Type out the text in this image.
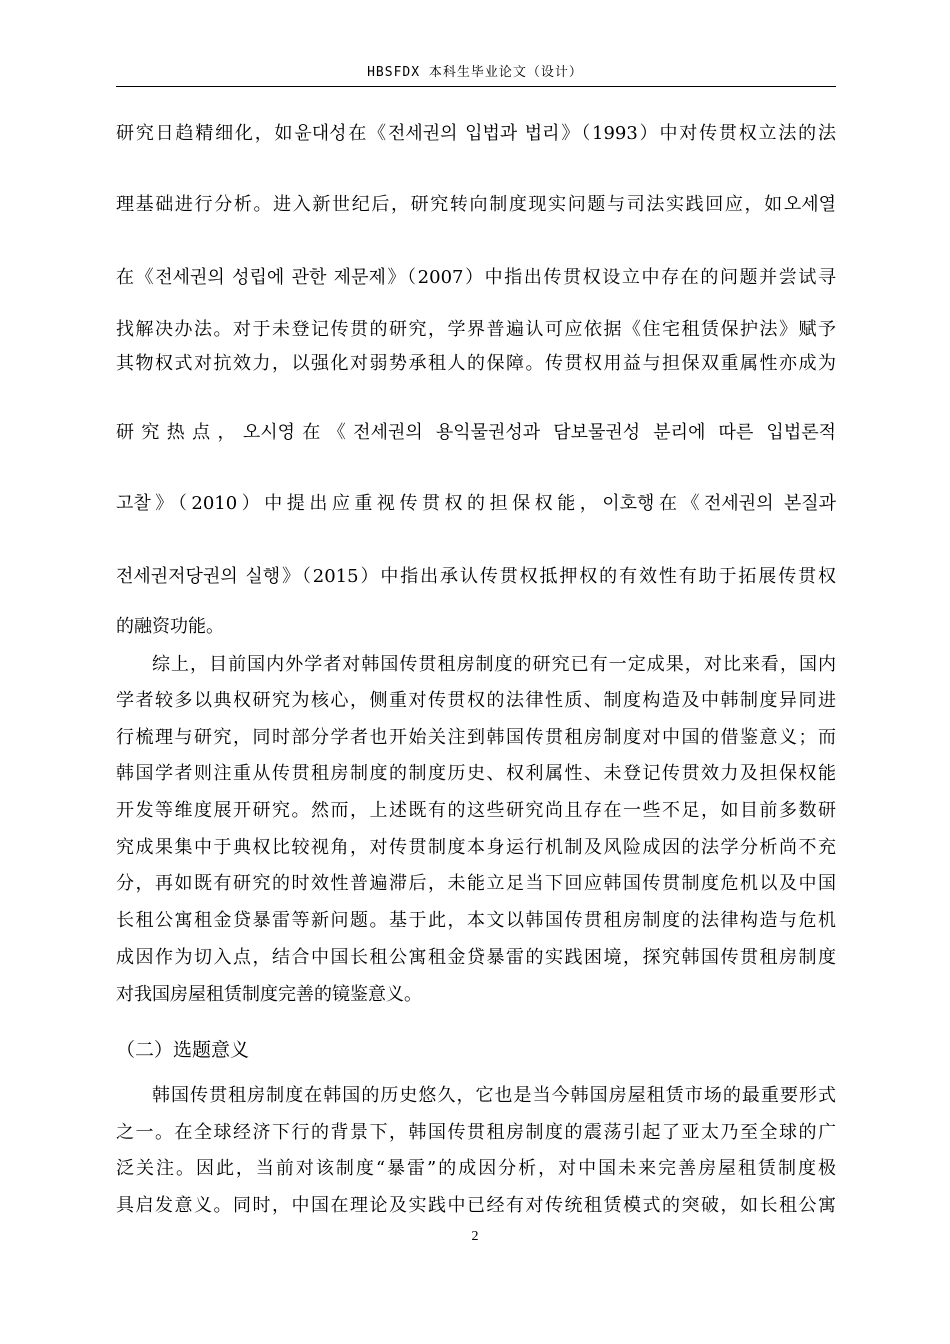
HBSFDX 本科生毕业论文（设计）
研究日趋精细化，如윤대성在《전세권의 입법과 법리》（1993）中对传贯权立法的法
理基础进行分析。进入新世纪后，研究转向制度现实问题与司法实践回应，如오세열
在《전세권의 성립에 관한 제문제》（2007）中指出传贯权设立中存在的问题并尝试寻
找解决办法。对于未登记传贯的研究，学界普遍认可应依据《住宅租赁保护法》赋予
其物权式对抗效力，以强化对弱势承租人的保障。传贯权用益与担保双重属性亦成为
研究热点，오시영在《전세권의 용익물권성과 담보물권성 분리에 따른 입법론적
고찰》（2010）中提出应重视传贯权的担保权能，이호행在《전세권의 본질과
전세권저당권의 실행》（2015）中指出承认传贯权抵押权的有效性有助于拓展传贯权
的融资功能。
综上，目前国内外学者对韩国传贯租房制度的研究已有一定成果，对比来看，国内
学者较多以典权研究为核心，侧重对传贯权的法律性质、制度构造及中韩制度异同进
行梳理与研究，同时部分学者也开始关注到韩国传贯租房制度对中国的借鉴意义；而
韩国学者则注重从传贯租房制度的制度历史、权利属性、未登记传贯效力及担保权能
开发等维度展开研究。然而，上述既有的这些研究尚且存在一些不足，如目前多数研
究成果集中于典权比较视角，对传贯制度本身运行机制及风险成因的法学分析尚不充
分，再如既有研究的时效性普遍滞后，未能立足当下回应韩国传贯制度危机以及中国
长租公寓租金贷暴雷等新问题。基于此，本文以韩国传贯租房制度的法律构造与危机
成因作为切入点，结合中国长租公寓租金贷暴雷的实践困境，探究韩国传贯租房制度
对我国房屋租赁制度完善的镜鉴意义。
（二）选题意义
韩国传贯租房制度在韩国的历史悠久，它也是当今韩国房屋租赁市场的最重要形式
之一。在全球经济下行的背景下，韩国传贯租房制度的震荡引起了亚太乃至全球的广
泛关注。因此，当前对该制度“暴雷”的成因分析，对中国未来完善房屋租赁制度极
具启发意义。同时，中国在理论及实践中已经有对传统租赁模式的突破，如长租公寓
2
